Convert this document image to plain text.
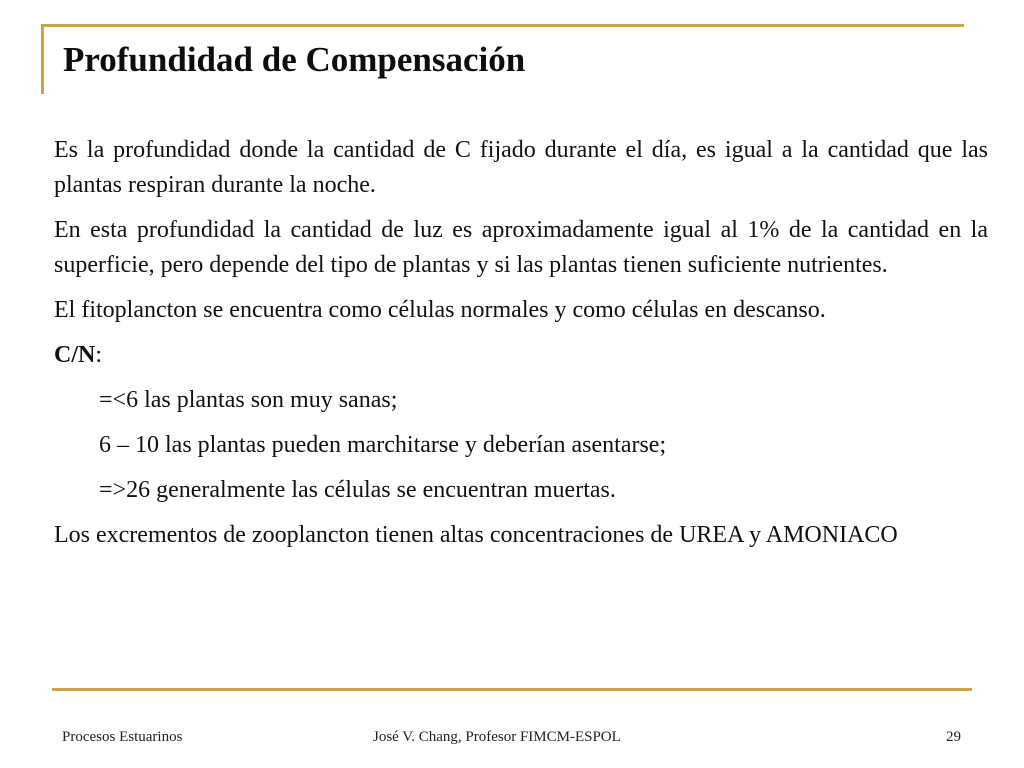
Profundidad de Compensación

Es la profundidad donde la cantidad de C fijado durante el día, es igual a la cantidad que las plantas respiran durante la noche.

En esta profundidad la cantidad de luz es aproximadamente igual al 1% de la cantidad en la superficie, pero depende del tipo de plantas y si las plantas tienen suficiente nutrientes.

El fitoplancton se encuentra como células normales y como células en descanso.

C/N:

=<6 las plantas son muy sanas;

6 – 10 las plantas pueden marchitarse y deberían asentarse;

=>26 generalmente las células se encuentran muertas.

Los excrementos de zooplancton tienen altas concentraciones de UREA y AMONIACO

Procesos Estuarinos	José V. Chang, Profesor FIMCM-ESPOL	29
